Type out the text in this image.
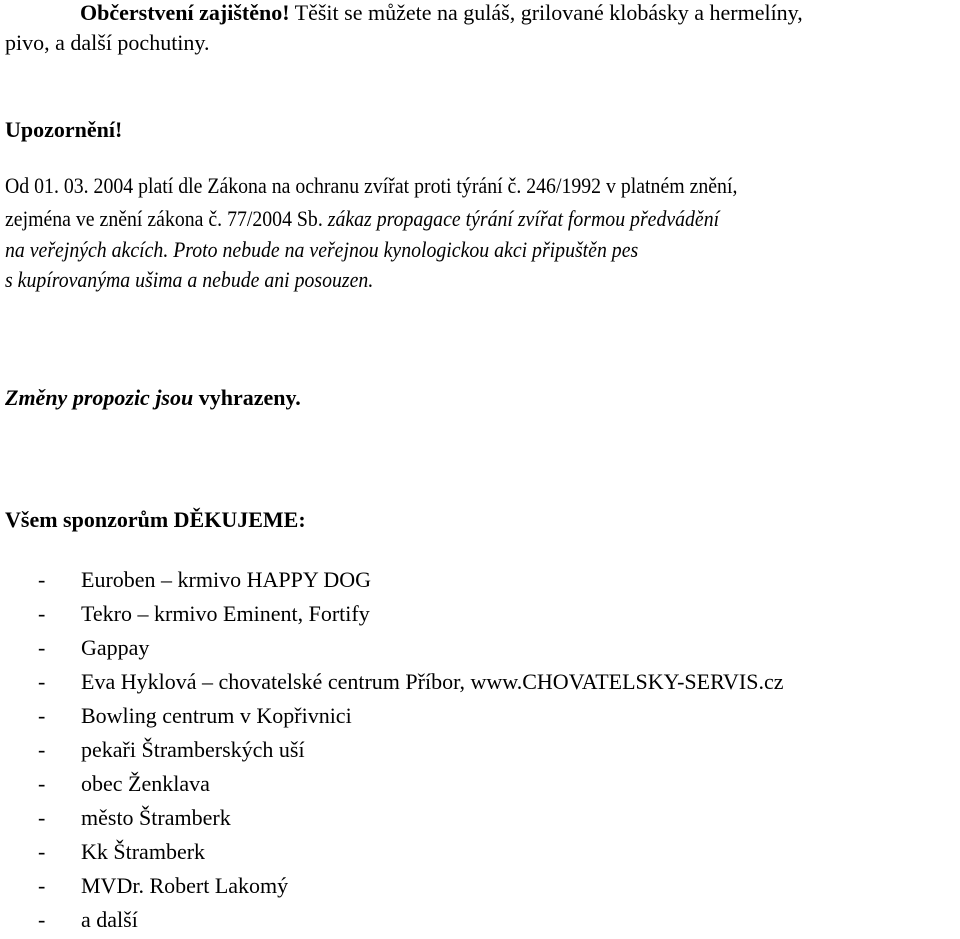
Občerstvení zajištěno! Těšit se můžete na guláš, grilované klobásky a hermelíny,
pivo, a další pochutiny.
Upozornění!
Od 01. 03. 2004 platí dle Zákona na ochranu zvířat proti týrání č. 246/1992 v platném znění,
zejména ve znění zákona č. 77/2004 Sb. zákaz propagace týrání zvířat formou předvádění
na veřejných akcích. Proto nebude na veřejnou kynologickou akci připuštěn pes
s kupírovanýma ušima a nebude ani posouzen.
Změny propozic jsou vyhrazeny.
Všem sponzorům DĚKUJEME:
- Euroben – krmivo HAPPY DOG
- Tekro – krmivo Eminent, Fortify
- Gappay
- Eva Hyklová – chovatelské centrum Příbor, www.CHOVATELSKY-SERVIS.cz
- Bowling centrum v Kopřivnici
- pekaři Štramberských uší
- obec Ženklava
- město Štramberk
- Kk Štramberk
- MVDr. Robert Lakomý
- a další
